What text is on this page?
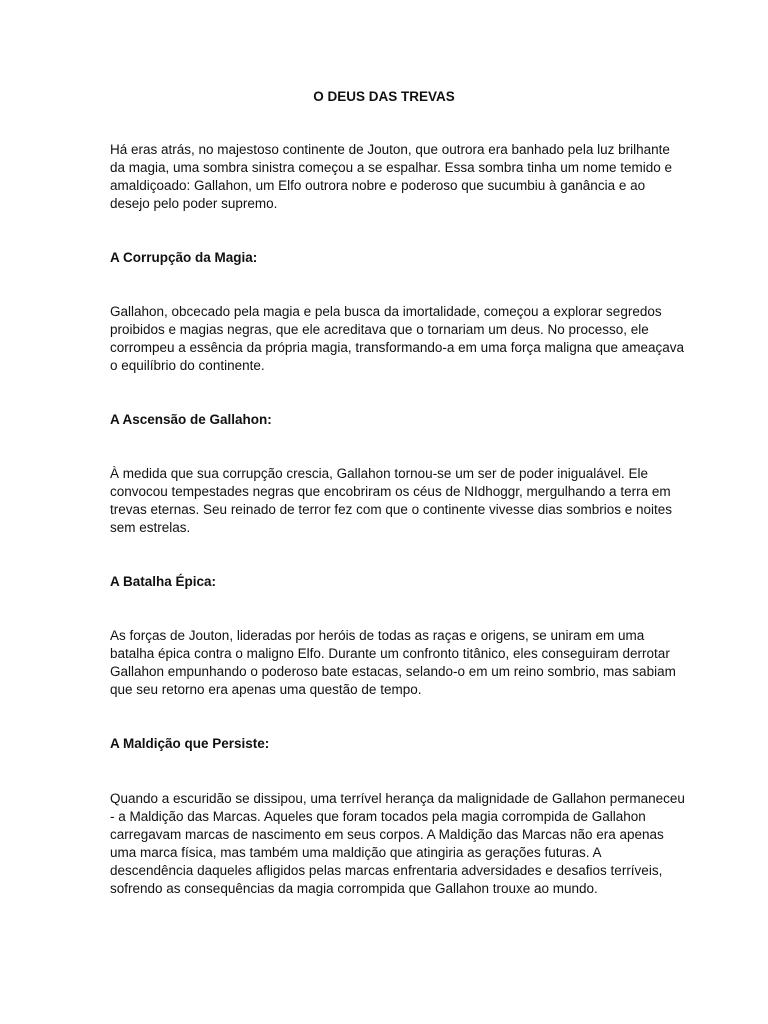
O DEUS DAS TREVAS

Há eras atrás, no majestoso continente de Jouton, que outrora era banhado pela luz brilhante
da magia, uma sombra sinistra começou a se espalhar. Essa sombra tinha um nome temido e
amaldiçoado: Gallahon, um Elfo outrora nobre e poderoso que sucumbiu à ganância e ao
desejo pelo poder supremo.

A Corrupção da Magia:

Gallahon, obcecado pela magia e pela busca da imortalidade, começou a explorar segredos
proibidos e magias negras, que ele acreditava que o tornariam um deus. No processo, ele
corrompeu a essência da própria magia, transformando-a em uma força maligna que ameaçava
o equilíbrio do continente.

A Ascensão de Gallahon:

À medida que sua corrupção crescia, Gallahon tornou-se um ser de poder inigualável. Ele
convocou tempestades negras que encobriram os céus de NIdhoggr, mergulhando a terra em
trevas eternas. Seu reinado de terror fez com que o continente vivesse dias sombrios e noites
sem estrelas.

A Batalha Épica:

As forças de Jouton, lideradas por heróis de todas as raças e origens, se uniram em uma
batalha épica contra o maligno Elfo. Durante um confronto titânico, eles conseguiram derrotar
Gallahon empunhando o poderoso bate estacas, selando-o em um reino sombrio, mas sabiam
que seu retorno era apenas uma questão de tempo.

A Maldição que Persiste:

Quando a escuridão se dissipou, uma terrível herança da malignidade de Gallahon permaneceu
- a Maldição das Marcas. Aqueles que foram tocados pela magia corrompida de Gallahon
carregavam marcas de nascimento em seus corpos. A Maldição das Marcas não era apenas
uma marca física, mas também uma maldição que atingiria as gerações futuras. A
descendência daqueles afligidos pelas marcas enfrentaria adversidades e desafios terríveis,
sofrendo as consequências da magia corrompida que Gallahon trouxe ao mundo.
